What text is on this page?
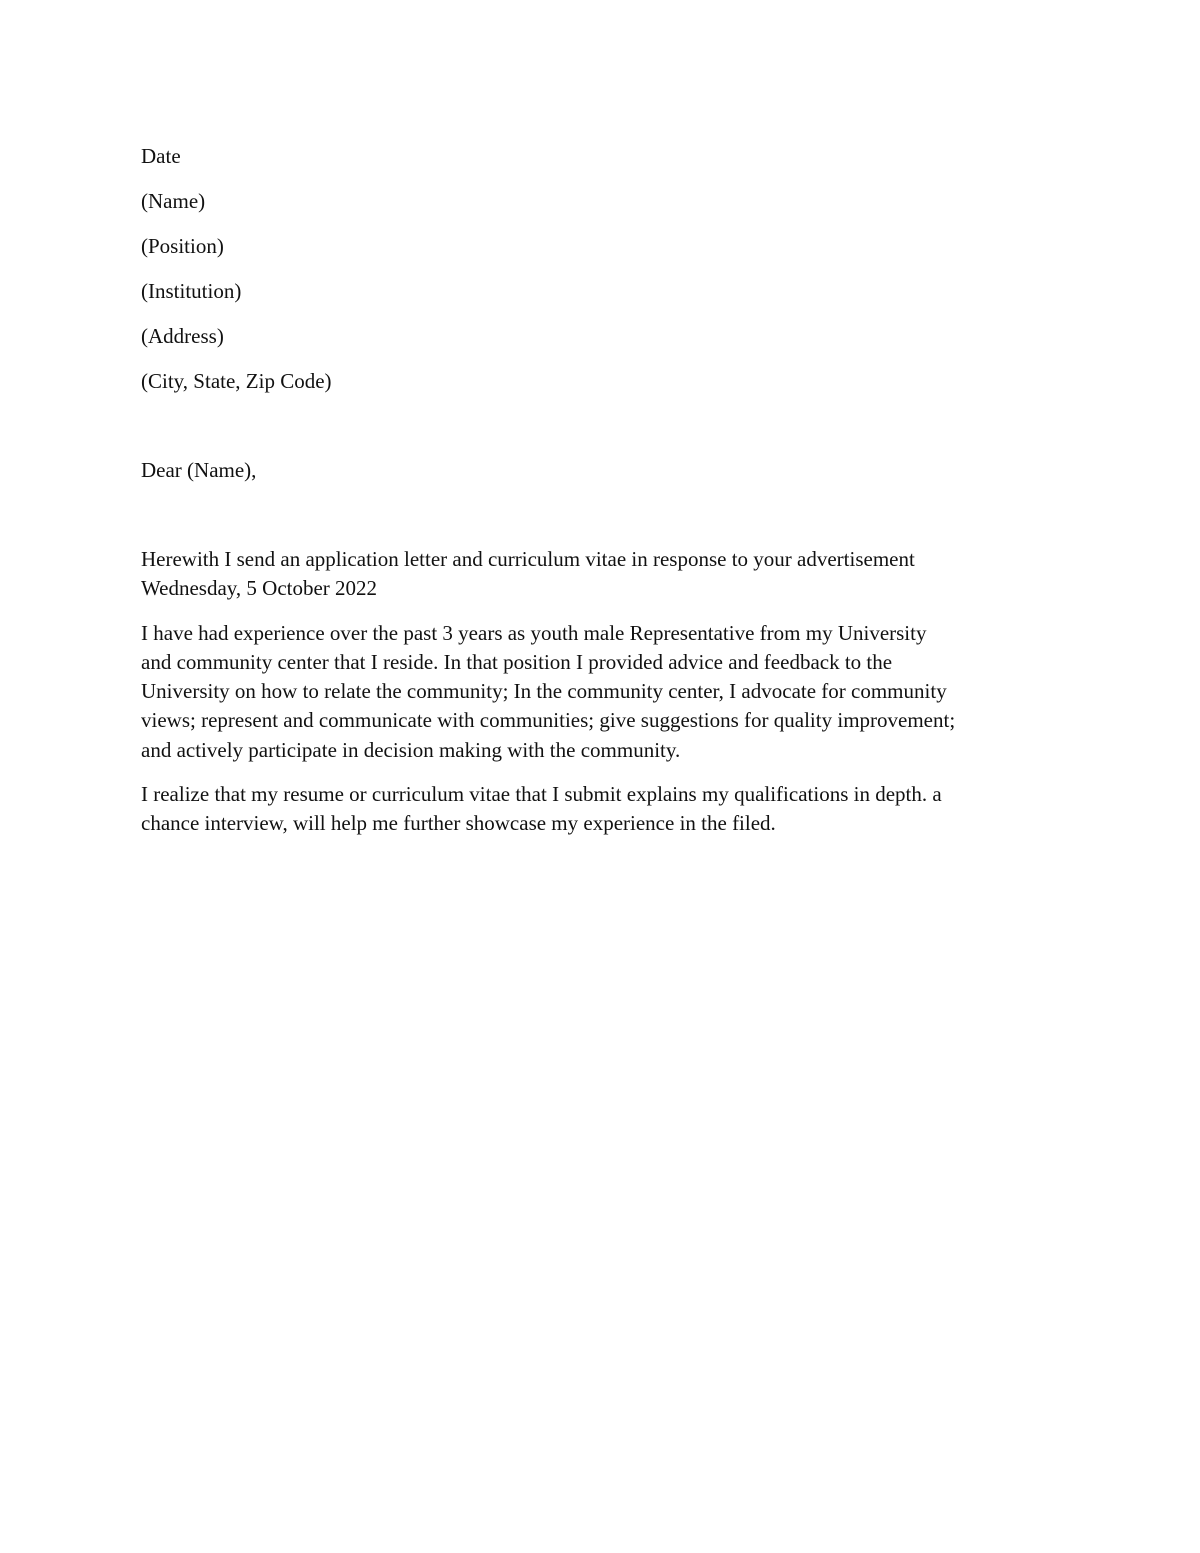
Date
(Name)
(Position)
(Institution)
(Address)
(City, State, Zip Code)
Dear (Name),

Herewith I send an application letter and curriculum vitae in response to your advertisement
Wednesday, 5 October 2022

I have had experience over the past 3 years as youth male Representative from my University
and community center that I reside. In that position I provided advice and feedback to the
University on how to relate the community; In the community center, I advocate for community
views; represent and communicate with communities; give suggestions for quality improvement;
and actively participate in decision making with the community.

I realize that my resume or curriculum vitae that I submit explains my qualifications in depth. a
chance interview, will help me further showcase my experience in the filed.
